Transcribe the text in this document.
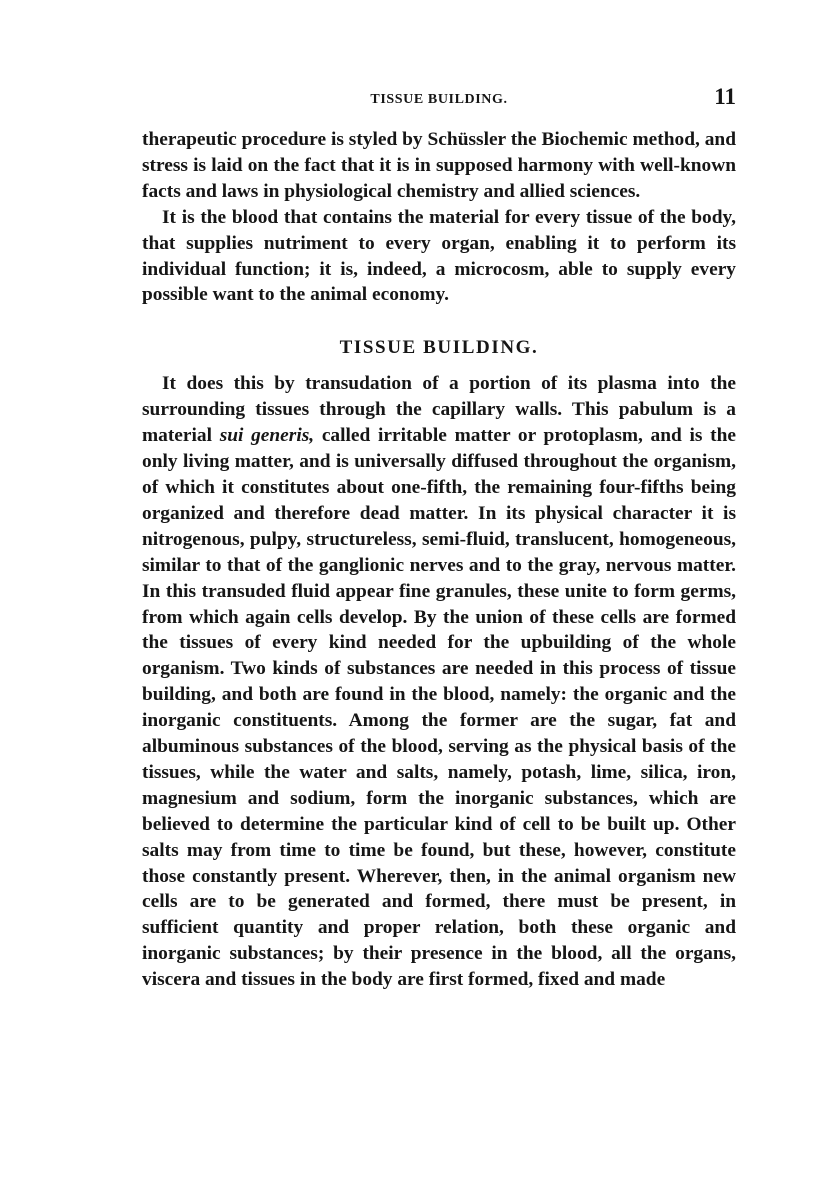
TISSUE BUILDING.	11

therapeutic procedure is styled by Schüssler the Biochemic method, and stress is laid on the fact that it is in supposed harmony with well-known facts and laws in physiological chemistry and allied sciences.

It is the blood that contains the material for every tissue of the body, that supplies nutriment to every organ, enabling it to perform its individual function; it is, indeed, a microcosm, able to supply every possible want to the animal economy.

TISSUE BUILDING.

It does this by transudation of a portion of its plasma into the surrounding tissues through the capillary walls. This pabulum is a material sui generis, called irritable matter or protoplasm, and is the only living matter, and is universally diffused throughout the organism, of which it constitutes about one-fifth, the remaining four-fifths being organized and therefore dead matter. In its physical character it is nitrogenous, pulpy, structureless, semi-fluid, translucent, homogeneous, similar to that of the ganglionic nerves and to the gray, nervous matter. In this transuded fluid appear fine granules, these unite to form germs, from which again cells develop. By the union of these cells are formed the tissues of every kind needed for the upbuilding of the whole organism. Two kinds of substances are needed in this process of tissue building, and both are found in the blood, namely: the organic and the inorganic constituents. Among the former are the sugar, fat and albuminous substances of the blood, serving as the physical basis of the tissues, while the water and salts, namely, potash, lime, silica, iron, magnesium and sodium, form the inorganic substances, which are believed to determine the particular kind of cell to be built up. Other salts may from time to time be found, but these, however, constitute those constantly present. Wherever, then, in the animal organism new cells are to be generated and formed, there must be present, in sufficient quantity and proper relation, both these organic and inorganic substances; by their presence in the blood, all the organs, viscera and tissues in the body are first formed, fixed and made
